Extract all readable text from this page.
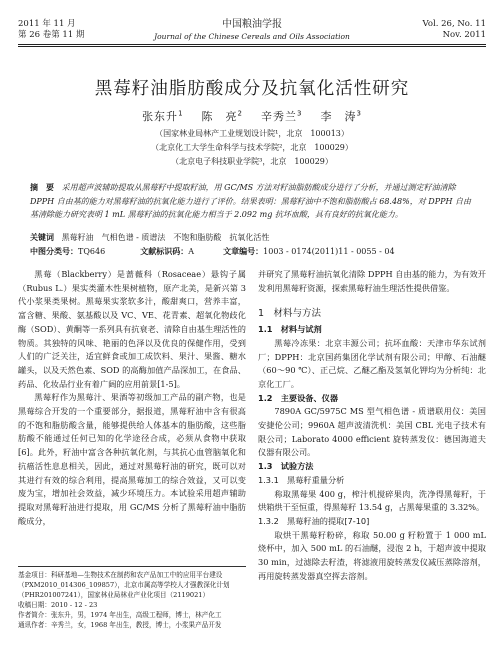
2011 年 11 月
第 26 卷第 11 期
中国粮油学报
Journal of the Chinese Cereals and Oils Association
Vol. 26, No. 11
Nov. 2011
黑莓籽油脂肪酸成分及抗氧化活性研究
张东升$^1$ 陈　亮$^2$ 辛秀兰$^3$ 李　涛$^3$
（国家林业局林产工业规划设计院¹，北京　100013）
（北京化工大学生命科学与技术学院²，北京　100029）
（北京电子科技职业学院³，北京　100029）
摘　要 采用超声波辅助提取从黑莓籽中提取籽油，用 GC/MS 方法对籽油脂肪酸成分进行了分析，并通过测定籽油清除 DPPH 自由基的能力对黑莓籽油的抗氧化能力进行了评价。结果表明：黑莓籽油中不饱和脂肪酸占 68.48%，对 DPPH 自由基清除能力研究表明 1 mL 黑莓籽油的抗氧化能力相当于 2.092 mg 抗坏血酸，具有良好的抗氧化能力。
关键词 黑莓籽油　气相色谱 - 质谱法　不饱和脂肪酸　抗氧化活性
中图分类号：TQ646	文献标识码：A	文章编号：1003 - 0174(2011)11 - 0055 - 04

黑莓（Blackberry）是蔷薇科（Rosaceae）悬钩子属（Rubus L.）果实类灌木性果树植物，原产北美，是新兴第 3 代小浆果类果树。黑莓果实浆软多汁，酸甜爽口，营养丰富，富含糖、果酸、氨基酸以及 VC、VE、花青素、超氧化物歧化酶（SOD）、黄酮等一系列具有抗衰老、清除自由基生理活性的物质。其独特的风味、艳丽的色泽以及优良的保健作用，受到人们的广泛关注，适宜鲜食或加工成饮料、果汁、果酱、糖水罐头，以及天然色素、SOD 的高酶加值产品深加工，在食品、药品、化妆品行业有着广阔的应用前景[1-5]。

黑莓籽作为黑莓汁、果酒等初级加工产品的副产物，也是黑莓综合开发的一个重要部分，据报道，黑莓籽油中含有很高的不饱和脂肪酸含量，能够提供给人体基本的脂肪酸，这些脂肪酸不能通过任何已知的化学途径合成，必须从食物中获取[6]。此外，籽油中富含各种抗氧化剂，与其抗心血管脑氧化和抗癌活性息息相关，因此，通过对黑莓籽油的研究，既可以对其进行有效的综合利用，提高黑莓加工的综合效益，又可以变废为宝，增加社会效益，减少环境压力。本试验采用超声辅助提取对黑莓籽油进行提取，用 GC/MS 分析了黑莓籽油中脂肪酸成分，

并研究了黑莓籽油抗氧化清除 DPPH 自由基的能力，为有效开发利用黑莓籽资源，探索黑莓籽油生理活性提供借鉴。

1　材料与方法

1.1　材料与试剂

黑莓冷冻果：北京丰源公司；抗坏血酸：天津市华东试剂厂；DPPH：北京国药集团化学试剂有限公司；甲醇、石油醚（60～90 ℃）、正己烷、乙醚乙酯及氢氧化钾均为分析纯：北京化工厂。

1.2　主要设备、仪器

7890A GC/5975C MS 型气相色谱 - 质谱联用仪：美国安捷伦公司；9960A 超声波清洗机：美国 CBL 光电子技术有限公司；Laborato 4000 efficient 旋转蒸发仪：德国海道夫仪器有限公司。

1.3　试验方法

1.3.1　黑莓籽重量分析

称取黑莓果 400 g，榨汁机搅碎果肉，洗净得黑莓籽，于烘箱烘干至恒重，得黑莓籽 13.54 g，占黑莓果重的 3.32%。

1.3.2　黑莓籽油的提取[7-10]

取烘干黑莓籽粉碎，称取 50.00 g 籽粉置于 1 000 mL 烧杯中，加入 500 mL 的石油醚，浸泡 2 h，于超声波中提取 30 min，过滤除去籽渣，将滤液用旋转蒸发仪减压蒸除溶剂，再用旋转蒸发器真空挥去溶剂。

基金项目：科研基地—生物技术在制药和农产品加工中的应用平台建设（PXM2010_014306_109857），北京市属高等学校人才强教深化计划（PHR201007241），国家林业局林业产业化项目（2119021）
收稿日期：2010 - 12 - 23
作者简介：张东升，男，1974 年出生，高级工程师，博士，林产化工
通讯作者：辛秀兰，女，1968 年出生，教授，博士，小浆果产品开发
